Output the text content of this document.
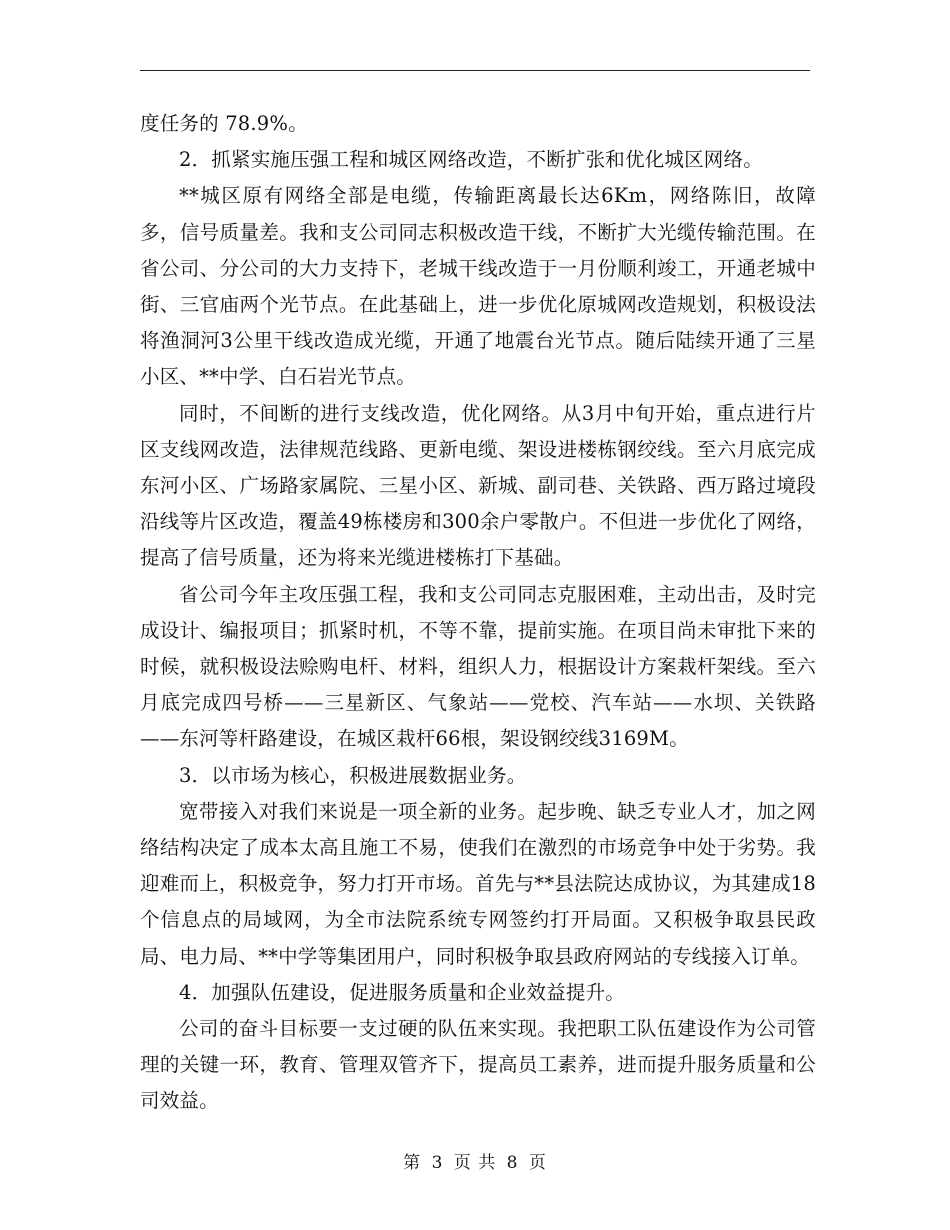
度任务的 78.9%。

2．抓紧实施压强工程和城区网络改造，不断扩张和优化城区网络。

**城区原有网络全部是电缆，传输距离最长达6Km，网络陈旧，故障多，信号质量差。我和支公司同志积极改造干线，不断扩大光缆传输范围。在省公司、分公司的大力支持下，老城干线改造于一月份顺利竣工，开通老城中街、三官庙两个光节点。在此基础上，进一步优化原城网改造规划，积极设法将渔洞河3公里干线改造成光缆，开通了地震台光节点。随后陆续开通了三星小区、**中学、白石岩光节点。

同时，不间断的进行支线改造，优化网络。从3月中旬开始，重点进行片区支线网改造，法律规范线路、更新电缆、架设进楼栋钢绞线。至六月底完成东河小区、广场路家属院、三星小区、新城、副司巷、关铁路、西万路过境段沿线等片区改造，覆盖49栋楼房和300余户零散户。不但进一步优化了网络，提高了信号质量，还为将来光缆进楼栋打下基础。

省公司今年主攻压强工程，我和支公司同志克服困难，主动出击，及时完成设计、编报项目；抓紧时机，不等不靠，提前实施。在项目尚未审批下来的时候，就积极设法赊购电杆、材料，组织人力，根据设计方案栽杆架线。至六月底完成四号桥——三星新区、气象站——党校、汽车站——水坝、关铁路——东河等杆路建设，在城区栽杆66根，架设钢绞线3169M。

3．以市场为核心，积极进展数据业务。

宽带接入对我们来说是一项全新的业务。起步晚、缺乏专业人才，加之网络结构决定了成本太高且施工不易，使我们在激烈的市场竞争中处于劣势。我迎难而上，积极竞争，努力打开市场。首先与**县法院达成协议，为其建成18个信息点的局域网，为全市法院系统专网签约打开局面。又积极争取县民政局、电力局、**中学等集团用户，同时积极争取县政府网站的专线接入订单。

4．加强队伍建设，促进服务质量和企业效益提升。

公司的奋斗目标要一支过硬的队伍来实现。我把职工队伍建设作为公司管理的关键一环，教育、管理双管齐下，提高员工素养，进而提升服务质量和公司效益。

第 3 页 共 8 页
